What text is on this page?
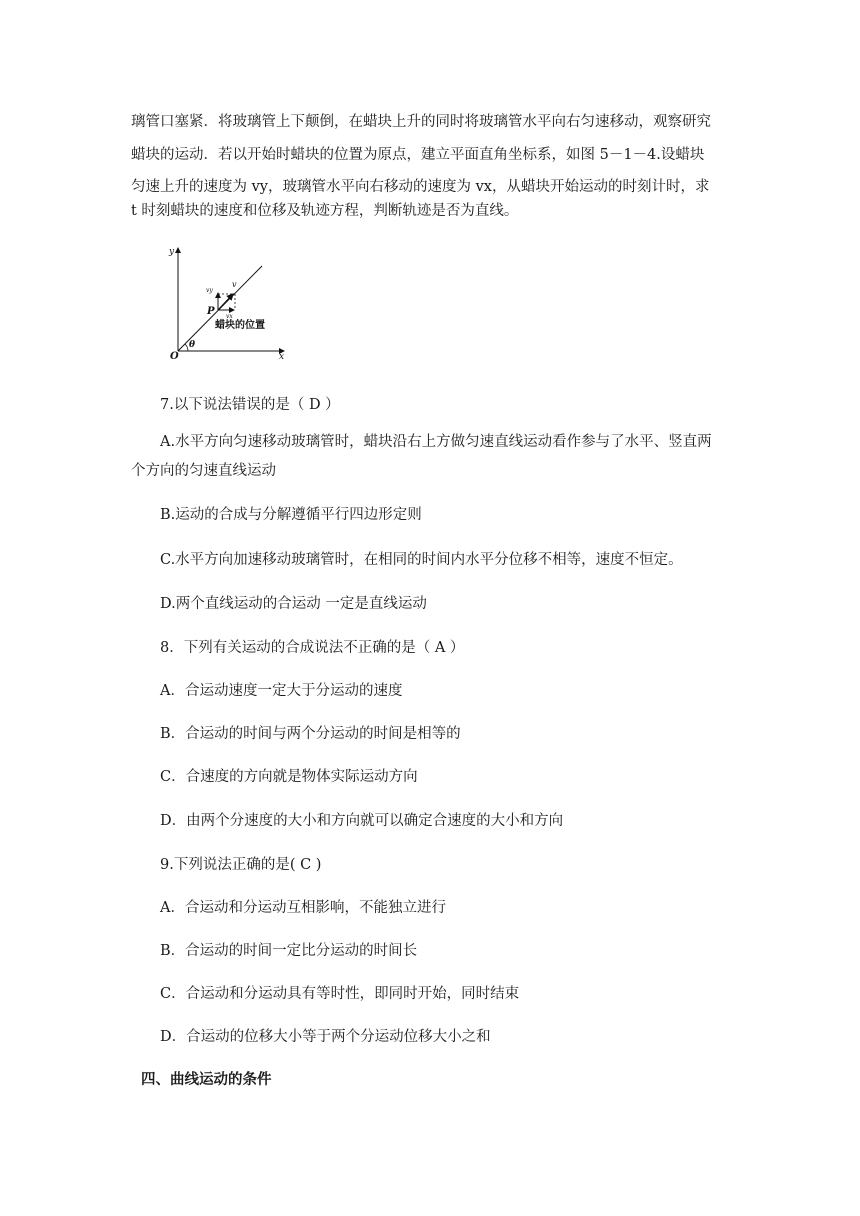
璃管口塞紧．将玻璃管上下颠倒，在蜡块上升的同时将玻璃管水平向右匀速移动，观察研究

蜡块的运动．若以开始时蜡块的位置为原点，建立平面直角坐标系，如图 5－1－4.设蜡块

匀速上升的速度为 vy，玻璃管水平向右移动的速度为 vx，从蜡块开始运动的时刻计时，求

t 时刻蜡块的速度和位移及轨迹方程，判断轨迹是否为直线。

y
x
O
θ
P
v
vy
vx
蜡块的位置

7.以下说法错误的是（ D ）

A.水平方向匀速移动玻璃管时，蜡块沿右上方做匀速直线运动看作参与了水平、竖直两

个方向的匀速直线运动

B.运动的合成与分解遵循平行四边形定则

C.水平方向加速移动玻璃管时，在相同的时间内水平分位移不相等，速度不恒定。

D.两个直线运动的合运动 一定是直线运动

8．下列有关运动的合成说法不正确的是（ A ）

A．合运动速度一定大于分运动的速度

B．合运动的时间与两个分运动的时间是相等的

C．合速度的方向就是物体实际运动方向

D．由两个分速度的大小和方向就可以确定合速度的大小和方向

9.下列说法正确的是( C )

A．合运动和分运动互相影响，不能独立进行

B．合运动的时间一定比分运动的时间长

C．合运动和分运动具有等时性，即同时开始，同时结束

D．合运动的位移大小等于两个分运动位移大小之和

四、曲线运动的条件
